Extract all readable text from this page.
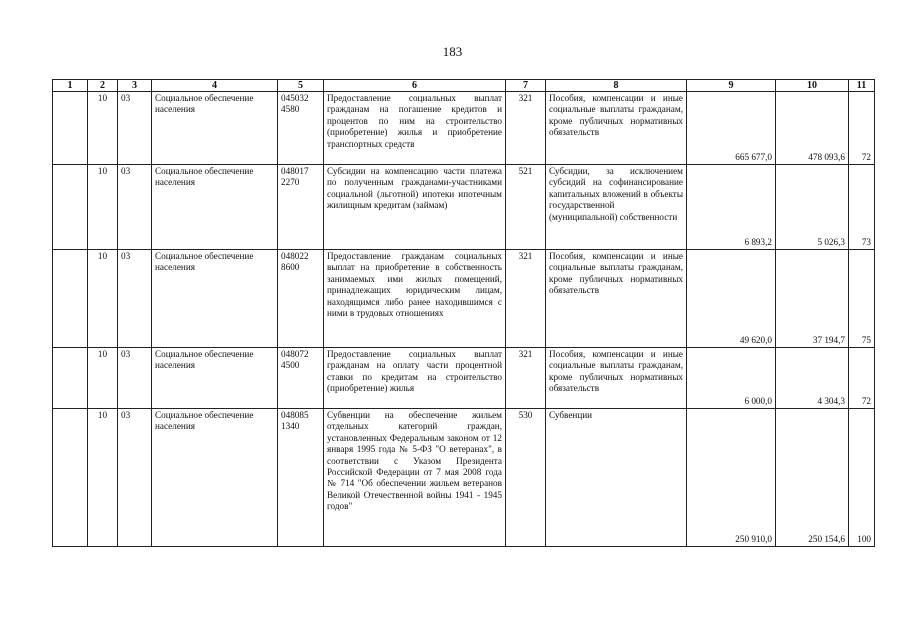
183
1	2	3	4	5	6	7	8	9	10	11
	10	03	Социальное обеспечение населения	045032 4580	Предоставление социальных выплат гражданам на погашение кредитов и процентов по ним на строительство (приобретение) жилья и приобретение транспортных средств	321	Пособия, компенсации и иные социальные выплаты гражданам, кроме публичных нормативных обязательств	665 677,0	478 093,6	72
	10	03	Социальное обеспечение населения	048017 2270	Субсидии на компенсацию части платежа по полученным гражданами-участниками социальной (льготной) ипотеки ипотечным жилищным кредитам (займам)	521	Субсидии, за исключением субсидий на софинансирование капитальных вложений в объекты государственной (муниципальной) собственности	6 893,2	5 026,3	73
	10	03	Социальное обеспечение населения	048022 8600	Предоставление гражданам социальных выплат на приобретение в собственность занимаемых ими жилых помещений, принадлежащих юридическим лицам, находящимся либо ранее находившимся с ними в трудовых отношениях	321	Пособия, компенсации и иные социальные выплаты гражданам, кроме публичных нормативных обязательств	49 620,0	37 194,7	75
	10	03	Социальное обеспечение населения	048072 4500	Предоставление социальных выплат гражданам на оплату части процентной ставки по кредитам на строительство (приобретение) жилья	321	Пособия, компенсации и иные социальные выплаты гражданам, кроме публичных нормативных обязательств	6 000,0	4 304,3	72
	10	03	Социальное обеспечение населения	048085 1340	Субвенции на обеспечение жильем отдельных категорий граждан, установленных Федеральным законом от 12 января 1995 года № 5-ФЗ "О ветеранах", в соответствии с Указом Президента Российской Федерации от 7 мая 2008 года № 714 "Об обеспечении жильем ветеранов Великой Отечественной войны 1941 - 1945 годов"	530	Субвенции	250 910,0	250 154,6	100
